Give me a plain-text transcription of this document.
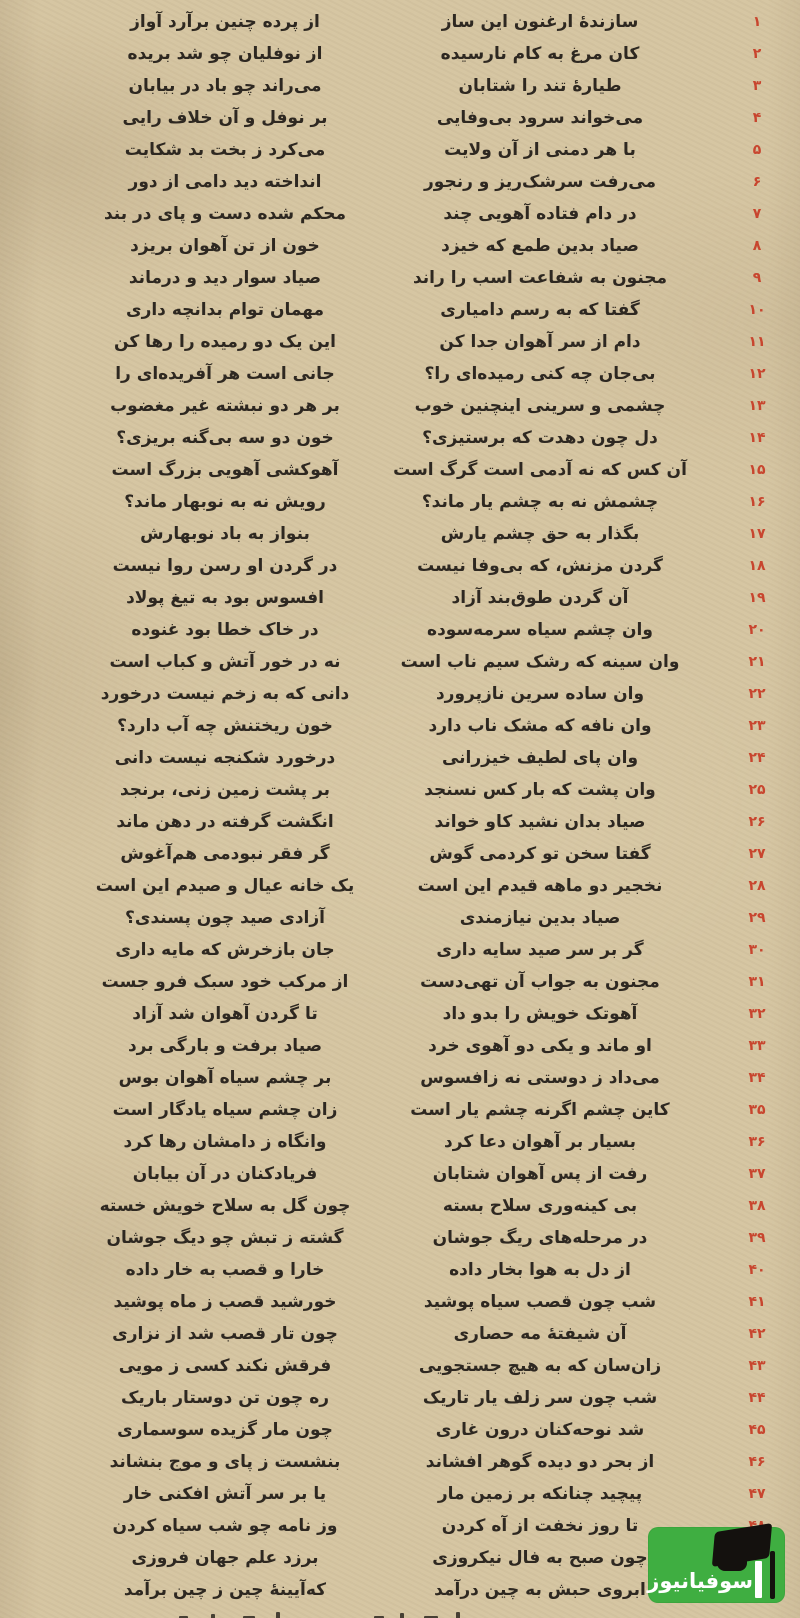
۱
سازندهٔ ارغنون این ساز
از پرده چنین برآرد آواز
۲
کان مرغ به کام نارسیده
از نوفلیان چو شد بریده
۳
طیارهٔ تند را شتابان
می‌راند چو باد در بیابان
۴
می‌خواند سرود بی‌وفایی
بر نوفل و آن خلاف رایی
۵
با هر دمنی از آن ولایت
می‌کرد ز بخت بد شکایت
۶
می‌رفت سرشک‌ریز و رنجور
انداخته دید دامی از دور
۷
در دام فتاده آهویی چند
محکم شده دست و پای در بند
۸
صیاد بدین طمع که خیزد
خون از تن آهوان بریزد
۹
مجنون به شفاعت اسب را راند
صیاد سوار دید و درماند
۱۰
گفتا که به رسم دامیاری
مهمان توام بدانچه داری
۱۱
دام از سر آهوان جدا کن
این یک دو رمیده را رها کن
۱۲
بی‌جان چه کنی رمیده‌ای را؟
جانی است هر آفریده‌ای را
۱۳
چشمی و سرینی اینچنین خوب
بر هر دو نبشته غیر مغضوب
۱۴
دل چون دهدت که برستیزی؟
خون دو سه بی‌گنه بریزی؟
۱۵
آن کس که نه آدمی است گرگ است
آهوکشی آهویی بزرگ است
۱۶
چشمش نه به چشم یار ماند؟
رویش نه به نوبهار ماند؟
۱۷
بگذار به حق چشم یارش
بنواز به باد نوبهارش
۱۸
گردن مزنش، که بی‌وفا نیست
در گردن او رسن روا نیست
۱۹
آن گردن طوق‌بند آزاد
افسوس بود به تیغ پولاد
۲۰
وان چشم سیاه سرمه‌سوده
در خاک خطا بود غنوده
۲۱
وان سینه که رشک سیم ناب است
نه در خور آتش و کباب است
۲۲
وان ساده سرین نازپرورد
دانی که به زخم نیست درخورد
۲۳
وان نافه که مشک ناب دارد
خون ریختنش چه آب دارد؟
۲۴
وان پای لطیف خیزرانی
درخورد شکنجه نیست دانی
۲۵
وان پشت که بار کس نسنجد
بر پشت زمین زنی، برنجد
۲۶
صیاد بدان نشید کاو خواند
انگشت گرفته در دهن ماند
۲۷
گفتا سخن تو کردمی گوش
گر فقر نبودمی هم‌آغوش
۲۸
نخجیر دو ماهه قیدم این است
یک خانه عیال و صیدم این است
۲۹
صیاد بدین نیازمندی
آزادی صید چون پسندی؟
۳۰
گر بر سر صید سایه داری
جان بازخرش که مایه داری
۳۱
مجنون به جواب آن تهی‌دست
از مرکب خود سبک فرو جست
۳۲
آهوتک خویش را بدو داد
تا گردن آهوان شد آزاد
۳۳
او ماند و یکی دو آهوی خرد
صیاد برفت و بارگی برد
۳۴
می‌داد ز دوستی نه زافسوس
بر چشم سیاه آهوان بوس
۳۵
کاین چشم اگرنه چشم یار است
زان چشم سیاه یادگار است
۳۶
بسیار بر آهوان دعا کرد
وانگاه ز دامشان رها کرد
۳۷
رفت از پس آهوان شتابان
فریادکنان در آن بیابان
۳۸
بی کینه‌وری سلاح بسته
چون گل به سلاح خویش خسته
۳۹
در مرحله‌های ریگ جوشان
گشته ز تبش چو دیگ جوشان
۴۰
از دل به هوا بخار داده
خارا و قصب به خار داده
۴۱
شب چون قصب سیاه پوشید
خورشید قصب ز ماه پوشید
۴۲
آن شیفتهٔ مه حصاری
چون تار قصب شد از نزاری
۴۳
زان‌سان که به هیچ جستجویی
فرقش نکند کسی ز مویی
۴۴
شب چون سر زلف یار تاریک
ره چون تن دوستار باریک
۴۵
شد نوحه‌کنان درون غاری
چون مار گزیده سوسماری
۴۶
از بحر دو دیده گوهر افشاند
بنشست ز پای و موج بنشاند
۴۷
پیچید چنانکه بر زمین مار
یا بر سر آتش افکنی خار
تا روز نخفت از آه کردن
وز نامه چو شب سیاه کردن
چون صبح به فال نیکروزی
برزد علم جهان فروزی
ابروی حبش به چین درآمد
که‌آیینهٔ چین ز چین برآمد	سوفیانیوز
